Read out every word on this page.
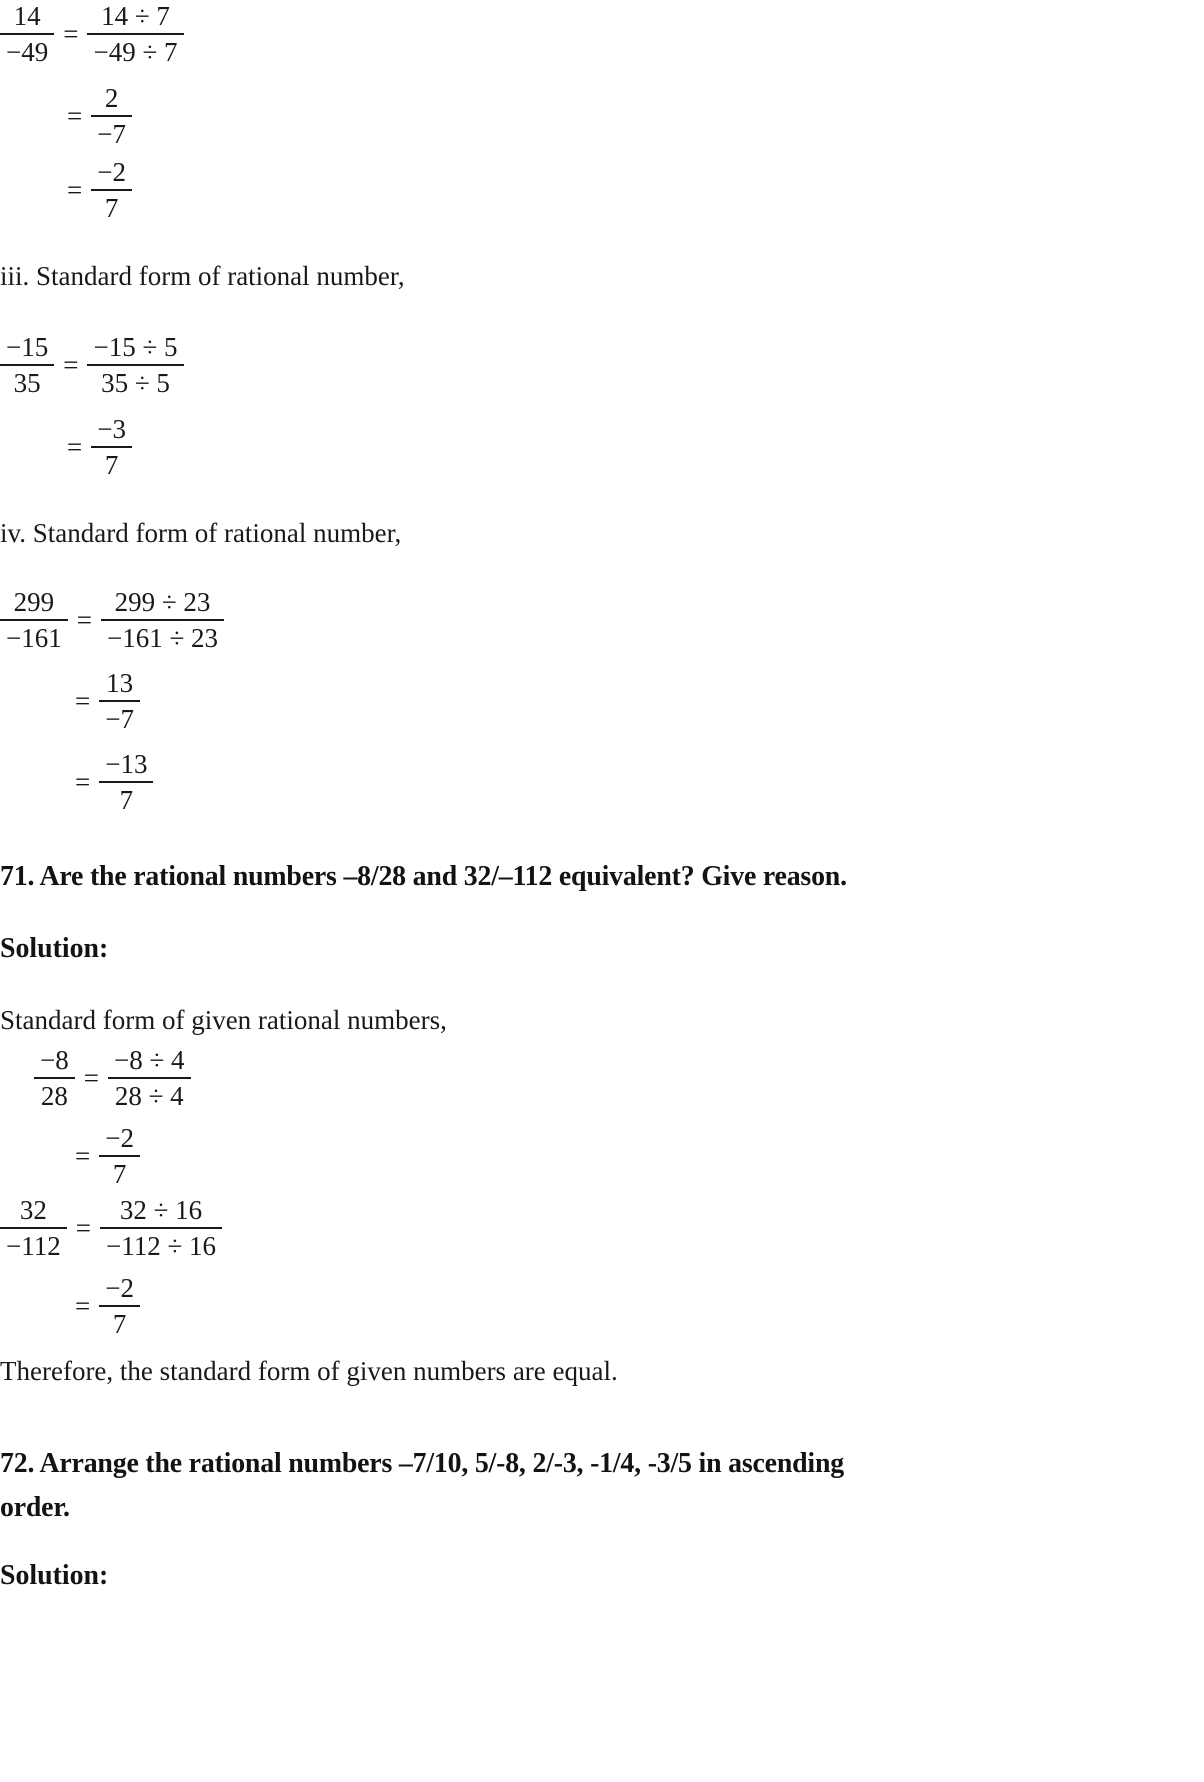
$\frac{14}{-49} = \frac{14 \div 7}{-49 \div 7}$
= $\frac{2}{-7}$
= $\frac{-2}{7}$
iii. Standard form of rational number,
$\frac{-15}{35} = \frac{-15 \div 5}{35 \div 5}$
= $\frac{-3}{7}$
iv. Standard form of rational number,
$\frac{299}{-161} = \frac{299 \div 23}{-161 \div 23}$
= $\frac{13}{-7}$
= $\frac{-13}{7}$
71. Are the rational numbers –8/28 and 32/–112 equivalent? Give reason.
Solution:
Standard form of given rational numbers,
$\frac{-8}{28} = \frac{-8 \div 4}{28 \div 4}$
= $\frac{-2}{7}$
$\frac{32}{-112} = \frac{32 \div 16}{-112 \div 16}$
= $\frac{-2}{7}$
Therefore, the standard form of given numbers are equal.
72. Arrange the rational numbers –7/10, 5/-8, 2/-3, -1/4, -3/5 in ascending
order.
Solution:
